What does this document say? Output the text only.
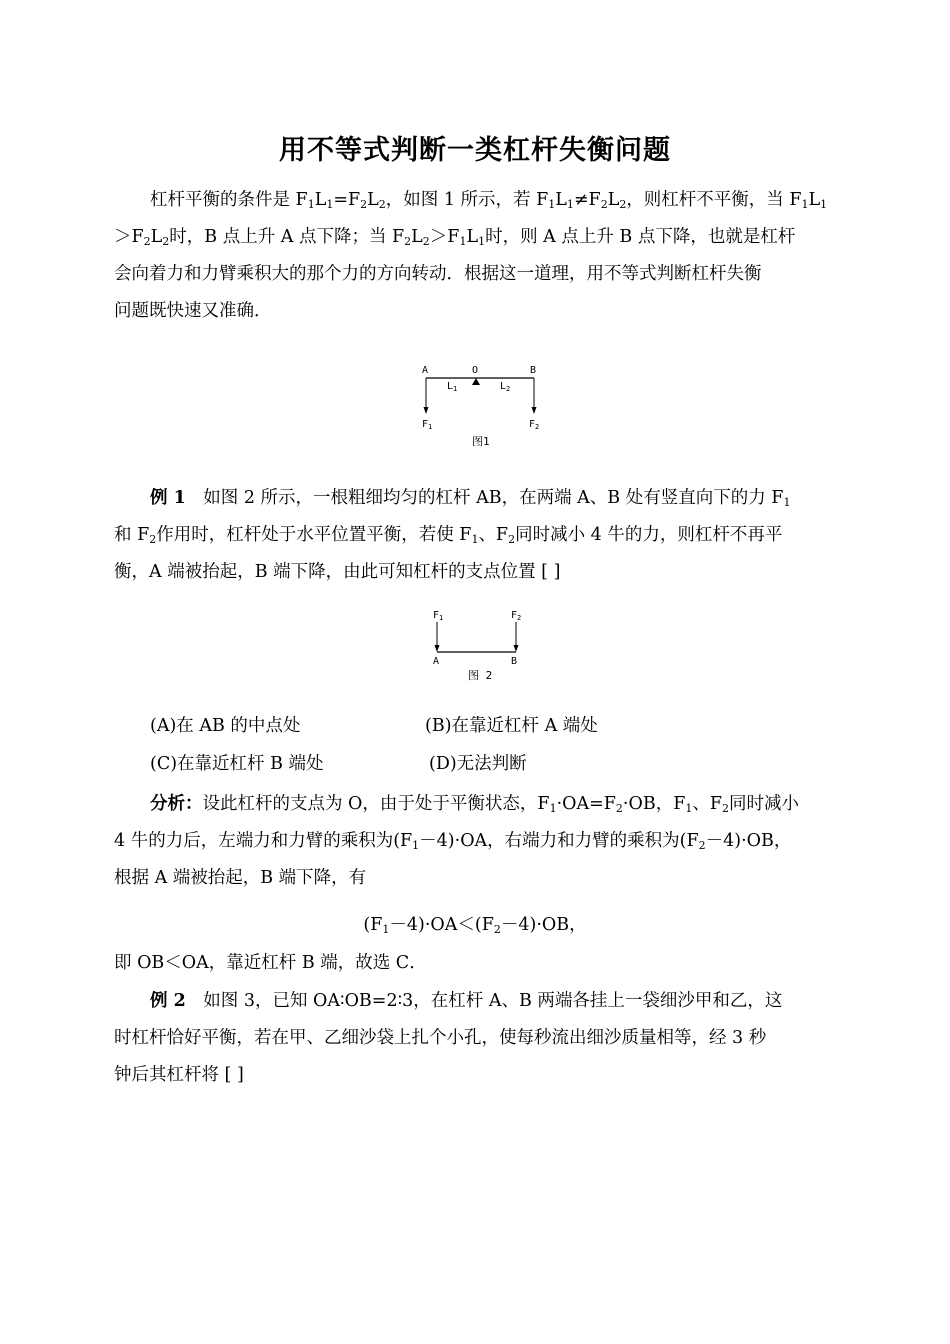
用不等式判断一类杠杆失衡问题

杠杆平衡的条件是 $F_1L_1=F_2L_2$，如图 1 所示，若 $F_1L_1\ne F_2L_2$，则杠杆不平衡，当 $F_1L_1$

$>F_2L_2$时，B 点上升 A 点下降；当 $F_2L_2>F_1L_1$时，则 A 点上升 B 点下降，也就是杠杆

会向着力和力臂乘积大的那个力的方向转动．根据这一道理，用不等式判断杠杆失衡

问题既快速又准确．

A	O	B
$L_1$	$L_2$
$F_1$	$F_2$
图1

例 1　如图 2 所示，一根粗细均匀的杠杆 AB，在两端 A、B 处有竖直向下的力 $F_1$

和 $F_2$作用时，杠杆处于水平位置平衡，若使 $F_1$、$F_2$同时减小 4 牛的力，则杠杆不再平

衡，A 端被抬起，B 端下降，由此可知杠杆的支点位置 [ ]

$F_1$	$F_2$
A	B
图 2
(A)在 AB 的中点处	(B)在靠近杠杆 A 端处
(C)在靠近杠杆 B 端处	(D)无法判断

分析：设此杠杆的支点为 O，由于处于平衡状态，$F_1\cdot OA=F_2\cdot OB$，$F_1$、$F_2$同时减小

4 牛的力后，左端力和力臂的乘积为$(F_1-4)\cdot OA$，右端力和力臂的乘积为$(F_2-4)\cdot OB$，

根据 A 端被抬起，B 端下降，有

$(F_1-4)\cdot OA<(F_2-4)\cdot OB$，

即 OB＜OA，靠近杠杆 B 端，故选 C．

例 2　如图 3，已知 OA∶OB=2∶3，在杠杆 A、B 两端各挂上一袋细沙甲和乙，这

时杠杆恰好平衡，若在甲、乙细沙袋上扎个小孔，使每秒流出细沙质量相等，经 3 秒

钟后其杠杆将 [ ]
